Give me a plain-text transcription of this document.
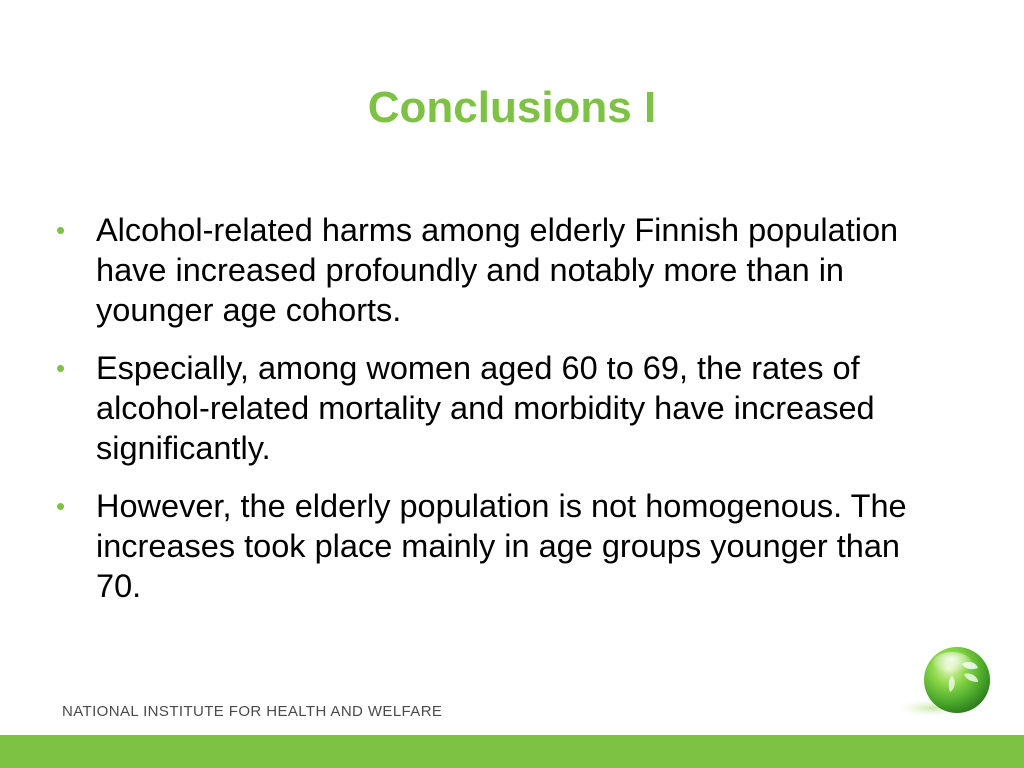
Conclusions I
• Alcohol-related harms among elderly Finnish population have increased profoundly and notably more than in younger age cohorts.
• Especially, among women aged 60 to 69, the rates of alcohol-related mortality and morbidity have increased significantly.
• However, the elderly population is not homogenous. The increases took place mainly in age groups younger than 70.
NATIONAL INSTITUTE FOR HEALTH AND WELFARE
